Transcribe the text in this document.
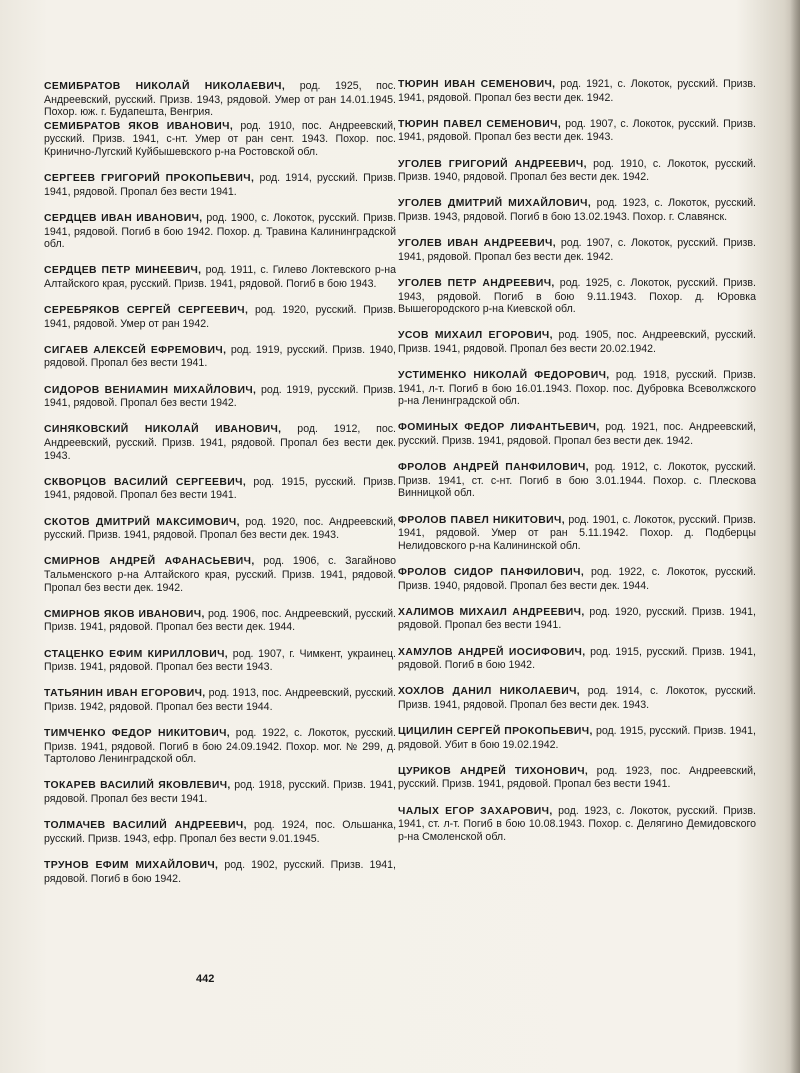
СЕМИБРАТОВ НИКОЛАЙ НИКОЛАЕВИЧ, род. 1925, пос. Андреевский, русский. Призв. 1943, рядовой. Умер от ран 14.01.1945. Похор. юж. г. Будапешта, Венгрия.
СЕМИБРАТОВ ЯКОВ ИВАНОВИЧ, род. 1910, пос. Андреевский, русский. Призв. 1941, с-нт. Умер от ран сент. 1943. Похор. пос. Кринично-Лугский Куйбышевского р-на Ростовской обл.
СЕРГЕЕВ ГРИГОРИЙ ПРОКОПЬЕВИЧ, род. 1914, русский. Призв. 1941, рядовой. Пропал без вести 1941.
СЕРДЦЕВ ИВАН ИВАНОВИЧ, род. 1900, с. Локоток, русский. Призв. 1941, рядовой. Погиб в бою 1942. Похор. д. Травина Калининградской обл.
СЕРДЦЕВ ПЕТР МИНЕЕВИЧ, род. 1911, с. Гилево Локтевского р-на Алтайского края, русский. Призв. 1941, рядовой. Погиб в бою 1943.
СЕРЕБРЯКОВ СЕРГЕЙ СЕРГЕЕВИЧ, род. 1920, русский. Призв. 1941, рядовой. Умер от ран 1942.
СИГАЕВ АЛЕКСЕЙ ЕФРЕМОВИЧ, род. 1919, русский. Призв. 1940, рядовой. Пропал без вести 1941.
СИДОРОВ ВЕНИАМИН МИХАЙЛОВИЧ, род. 1919, русский. Призв. 1941, рядовой. Пропал без вести 1942.
СИНЯКОВСКИЙ НИКОЛАЙ ИВАНОВИЧ, род. 1912, пос. Андреевский, русский. Призв. 1941, рядовой. Пропал без вести дек. 1943.
СКВОРЦОВ ВАСИЛИЙ СЕРГЕЕВИЧ, род. 1915, русский. Призв. 1941, рядовой. Пропал без вести 1941.
СКОТОВ ДМИТРИЙ МАКСИМОВИЧ, род. 1920, пос. Андреевский, русский. Призв. 1941, рядовой. Пропал без вести дек. 1943.
СМИРНОВ АНДРЕЙ АФАНАСЬЕВИЧ, род. 1906, с. Загайново Тальменского р-на Алтайского края, русский. Призв. 1941, рядовой. Пропал без вести дек. 1942.
СМИРНОВ ЯКОВ ИВАНОВИЧ, род. 1906, пос. Андреевский, русский. Призв. 1941, рядовой. Пропал без вести дек. 1944.
СТАЦЕНКО ЕФИМ КИРИЛЛОВИЧ, род. 1907, г. Чимкент, украинец. Призв. 1941, рядовой. Пропал без вести 1943.
ТАТЬЯНИН ИВАН ЕГОРОВИЧ, род. 1913, пос. Андреевский, русский. Призв. 1942, рядовой. Пропал без вести 1944.
ТИМЧЕНКО ФЕДОР НИКИТОВИЧ, род. 1922, с. Локоток, русский. Призв. 1941, рядовой. Погиб в бою 24.09.1942. Похор. мог. № 299, д. Тартолово Ленинградской обл.
ТОКАРЕВ ВАСИЛИЙ ЯКОВЛЕВИЧ, род. 1918, русский. Призв. 1941, рядовой. Пропал без вести 1941.
ТОЛМАЧЕВ ВАСИЛИЙ АНДРЕЕВИЧ, род. 1924, пос. Ольшанка, русский. Призв. 1943, ефр. Пропал без вести 9.01.1945.
ТРУНОВ ЕФИМ МИХАЙЛОВИЧ, род. 1902, русский. Призв. 1941, рядовой. Погиб в бою 1942.
ТЮРИН ИВАН СЕМЕНОВИЧ, род. 1921, с. Локоток, русский. Призв. 1941, рядовой. Пропал без вести дек. 1942.
ТЮРИН ПАВЕЛ СЕМЕНОВИЧ, род. 1907, с. Локоток, русский. Призв. 1941, рядовой. Пропал без вести дек. 1943.
УГОЛЕВ ГРИГОРИЙ АНДРЕЕВИЧ, род. 1910, с. Локоток, русский. Призв. 1940, рядовой. Пропал без вести дек. 1942.
УГОЛЕВ ДМИТРИЙ МИХАЙЛОВИЧ, род. 1923, с. Локоток, русский. Призв. 1943, рядовой. Погиб в бою 13.02.1943. Похор. г. Славянск.
УГОЛЕВ ИВАН АНДРЕЕВИЧ, род. 1907, с. Локоток, русский. Призв. 1941, рядовой. Пропал без вести дек. 1942.
УГОЛЕВ ПЕТР АНДРЕЕВИЧ, род. 1925, с. Локоток, русский. Призв. 1943, рядовой. Погиб в бою 9.11.1943. Похор. д. Юровка Вышегородского р-на Киевской обл.
УСОВ МИХАИЛ ЕГОРОВИЧ, род. 1905, пос. Андреевский, русский. Призв. 1941, рядовой. Пропал без вести 20.02.1942.
УСТИМЕНКО НИКОЛАЙ ФЕДОРОВИЧ, род. 1918, русский. Призв. 1941, л-т. Погиб в бою 16.01.1943. Похор. пос. Дубровка Всеволжского р-на Ленинградской обл.
ФОМИНЫХ ФЕДОР ЛИФАНТЬЕВИЧ, род. 1921, пос. Андреевский, русский. Призв. 1941, рядовой. Пропал без вести дек. 1942.
ФРОЛОВ АНДРЕЙ ПАНФИЛОВИЧ, род. 1912, с. Локоток, русский. Призв. 1941, ст. с-нт. Погиб в бою 3.01.1944. Похор. с. Плескова Винницкой обл.
ФРОЛОВ ПАВЕЛ НИКИТОВИЧ, род. 1901, с. Локоток, русский. Призв. 1941, рядовой. Умер от ран 5.11.1942. Похор. д. Подберцы Нелидовского р-на Калининской обл.
ФРОЛОВ СИДОР ПАНФИЛОВИЧ, род. 1922, с. Локоток, русский. Призв. 1940, рядовой. Пропал без вести дек. 1944.
ХАЛИМОВ МИХАИЛ АНДРЕЕВИЧ, род. 1920, русский. Призв. 1941, рядовой. Пропал без вести 1941.
ХАМУЛОВ АНДРЕЙ ИОСИФОВИЧ, род. 1915, русский. Призв. 1941, рядовой. Погиб в бою 1942.
ХОХЛОВ ДАНИЛ НИКОЛАЕВИЧ, род. 1914, с. Локоток, русский. Призв. 1941, рядовой. Пропал без вести дек. 1943.
ЦИЦИЛИН СЕРГЕЙ ПРОКОПЬЕВИЧ, род. 1915, русский. Призв. 1941, рядовой. Убит в бою 19.02.1942.
ЦУРИКОВ АНДРЕЙ ТИХОНОВИЧ, род. 1923, пос. Андреевский, русский. Призв. 1941, рядовой. Пропал без вести 1941.
ЧАЛЫХ ЕГОР ЗАХАРОВИЧ, род. 1923, с. Локоток, русский. Призв. 1941, ст. л-т. Погиб в бою 10.08.1943. Похор. с. Делягино Демидовского р-на Смоленской обл.
442
